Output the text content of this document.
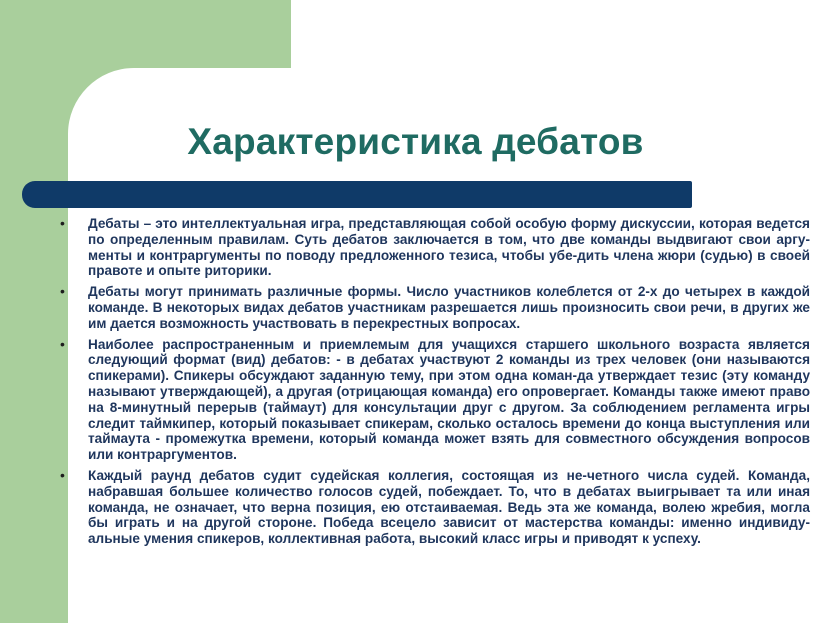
Характеристика дебатов
• Дебаты – это интеллектуальная игра, представляющая собой особую форму дискуссии, которая ведется по определенным правилам. Суть дебатов заключается в том, что две команды выдвигают свои аргу-менты и контраргументы по поводу предложенного тезиса, чтобы убе-дить члена жюри (судью) в своей правоте и опыте риторики.
• Дебаты могут принимать различные формы. Число участников колеблется от 2-х до четырех в каждой команде. В некоторых видах дебатов участникам разрешается лишь произносить свои речи, в других же им дается возможность участвовать в перекрестных вопросах.
• Наиболее распространенным и приемлемым для учащихся старшего школьного возраста является следующий формат (вид) дебатов: - в дебатах участвуют 2 команды из трех человек (они называются спикерами). Спикеры обсуждают заданную тему, при этом одна коман-да утверждает тезис (эту команду называют утверждающей), а другая (отрицающая команда) его опровергает. Команды также имеют право на 8-минутный перерыв (таймаут) для консультации друг с другом. За соблюдением регламента игры следит таймкипер, который показывает спикерам, сколько осталось времени до конца выступления или таймаута - промежутка времени, который команда может взять для совместного обсуждения вопросов или контраргументов.
• Каждый раунд дебатов судит судейская коллегия, состоящая из не-четного числа судей. Команда, набравшая большее количество голосов судей, побеждает. То, что в дебатах выигрывает та или иная команда, не означает, что верна позиция, ею отстаиваемая. Ведь эта же команда, волею жребия, могла бы играть и на другой стороне. Победа всецело зависит от мастерства команды: именно индивиду-альные умения спикеров, коллективная работа, высокий класс игры и приводят к успеху.
